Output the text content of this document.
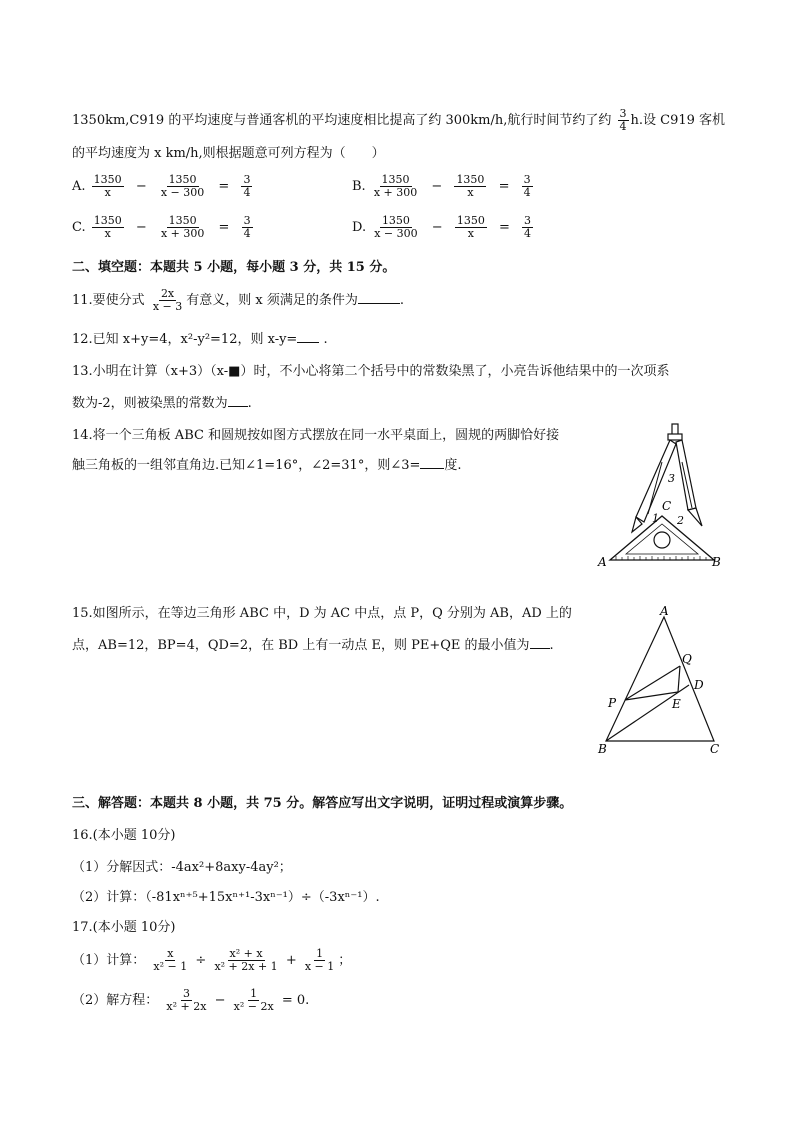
1350km,C919 的平均速度与普通客机的平均速度相比提高了约 300km/h,航行时间节约了约 $\frac{3}{4} h$.设 C919 客机
的平均速度为 x km/h,则根据题意可列方程为（　　）
A. $\frac{1350}{x} - \frac{1350}{x - 300} = \frac{3}{4}$	B. $\frac{1350}{x + 300} - \frac{1350}{x} = \frac{3}{4}$
C. $\frac{1350}{x} - \frac{1350}{x + 300} = \frac{3}{4}$	D. $\frac{1350}{x - 300} - \frac{1350}{x} = \frac{3}{4}$
二、填空题：本题共 5 小题，每小题 3 分，共 15 分。
11.要使分式 $\frac{2x}{x - 3}$ 有意义，则 x 须满足的条件为	.
12.已知 x+y=4，x²-y²=12，则 x-y= .
13.小明在计算（x+3）（x-■）时，不小心将第二个括号中的常数染黑了，小亮告诉他结果中的一次项系
数为-2，则被染黑的常数为 .
14.将一个三角板 ABC 和圆规按如图方式摆放在同一水平桌面上，圆规的两脚恰好接
触三角板的一组邻直角边.已知∠1=16°，∠2=31°，则∠3= 度.
A	B
C
1 2
3
15.如图所示，在等边三角形 ABC 中，D 为 AC 中点，点 P，Q 分别为 AB，AD 上的
点，AB=12，BP=4，QD=2，在 BD 上有一动点 E，则 PE+QE 的最小值为 .
A
B	C
D
E
P
Q
三、解答题：本题共 8 小题，共 75 分。解答应写出文字说明，证明过程或演算步骤。
16.(本小题 10分)
（1）分解因式：-4ax²+8axy-4ay²；
（2）计算：（-81xⁿ⁺⁵+15xⁿ⁺¹-3xⁿ⁻¹）÷（-3xⁿ⁻¹）.
17.(本小题 10分)
（1）计算： $\frac{x}{\text{x² − 1}} \div \frac{\text{x² + x}}{\text{x² + 2x + 1}} + \frac{1}{x - 1}$ ；
（2）解方程： $\frac{3}{\text{x² + 2x}} - \frac{1}{\text{x² − 2x}} = 0$.
